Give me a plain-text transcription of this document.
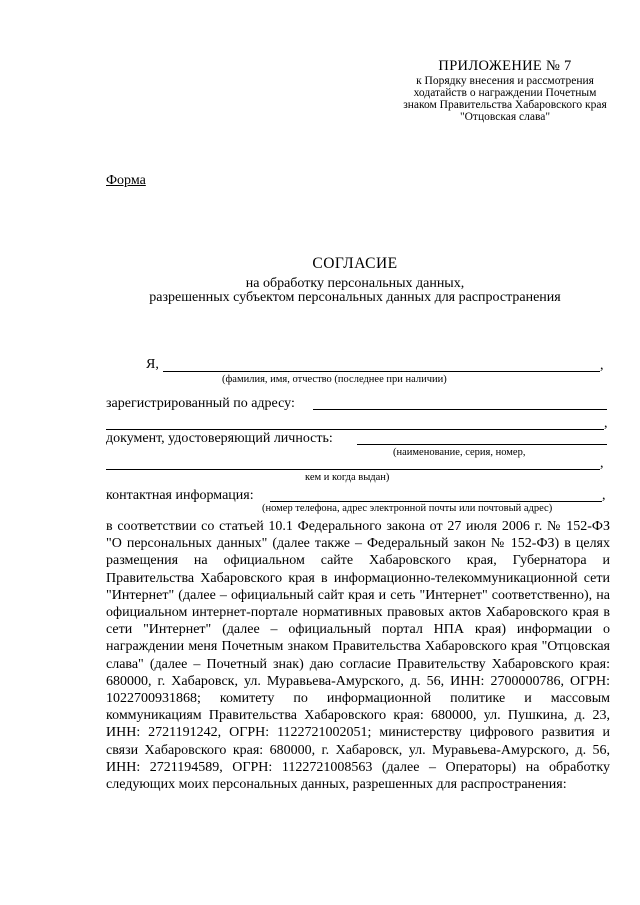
ПРИЛОЖЕНИЕ № 7
к Порядку внесения и рассмотрения
ходатайств о награждении Почетным
знаком Правительства Хабаровского края
"Отцовская слава"
Форма
СОГЛАСИЕ
на обработку персональных данных,
разрешенных субъектом персональных данных для распространения
Я,	,
(фамилия, имя, отчество (последнее при наличии)
зарегистрированный по адресу:
,
документ, удостоверяющий личность:
(наименование, серия, номер,
,
кем и когда выдан)
контактная информация:	,
(номер телефона, адрес электронной почты или почтовый адрес)
в соответствии со статьей 10.1 Федерального закона от 27 июля 2006 г. № 152-ФЗ "О персональных данных" (далее также – Федеральный закон № 152-ФЗ) в целях размещения на официальном сайте Хабаровского края, Губернатора и Правительства Хабаровского края в информационно-телекоммуникационной сети "Интернет" (далее – официальный сайт края и сеть "Интернет" соответственно), на официальном интернет-портале нормативных правовых актов Хабаровского края в сети "Интернет" (далее – официальный портал НПА края) информации о награждении меня Почетным знаком Правительства Хабаровского края "Отцовская слава" (далее – Почетный знак) даю согласие Правительству Хабаровского края: 680000, г. Хабаровск, ул. Муравьева-Амурского, д. 56, ИНН: 2700000786, ОГРН: 1022700931868; комитету по информационной политике и массовым коммуникациям Правительства Хабаровского края: 680000, ул. Пушкина, д. 23, ИНН: 2721191242, ОГРН: 1122721002051; министерству цифрового развития и связи Хабаровского края: 680000, г. Хабаровск, ул. Муравьева-Амурского, д. 56, ИНН: 2721194589, ОГРН: 1122721008563 (далее – Операторы) на обработку следующих моих персональных данных, разрешенных для распространения:
